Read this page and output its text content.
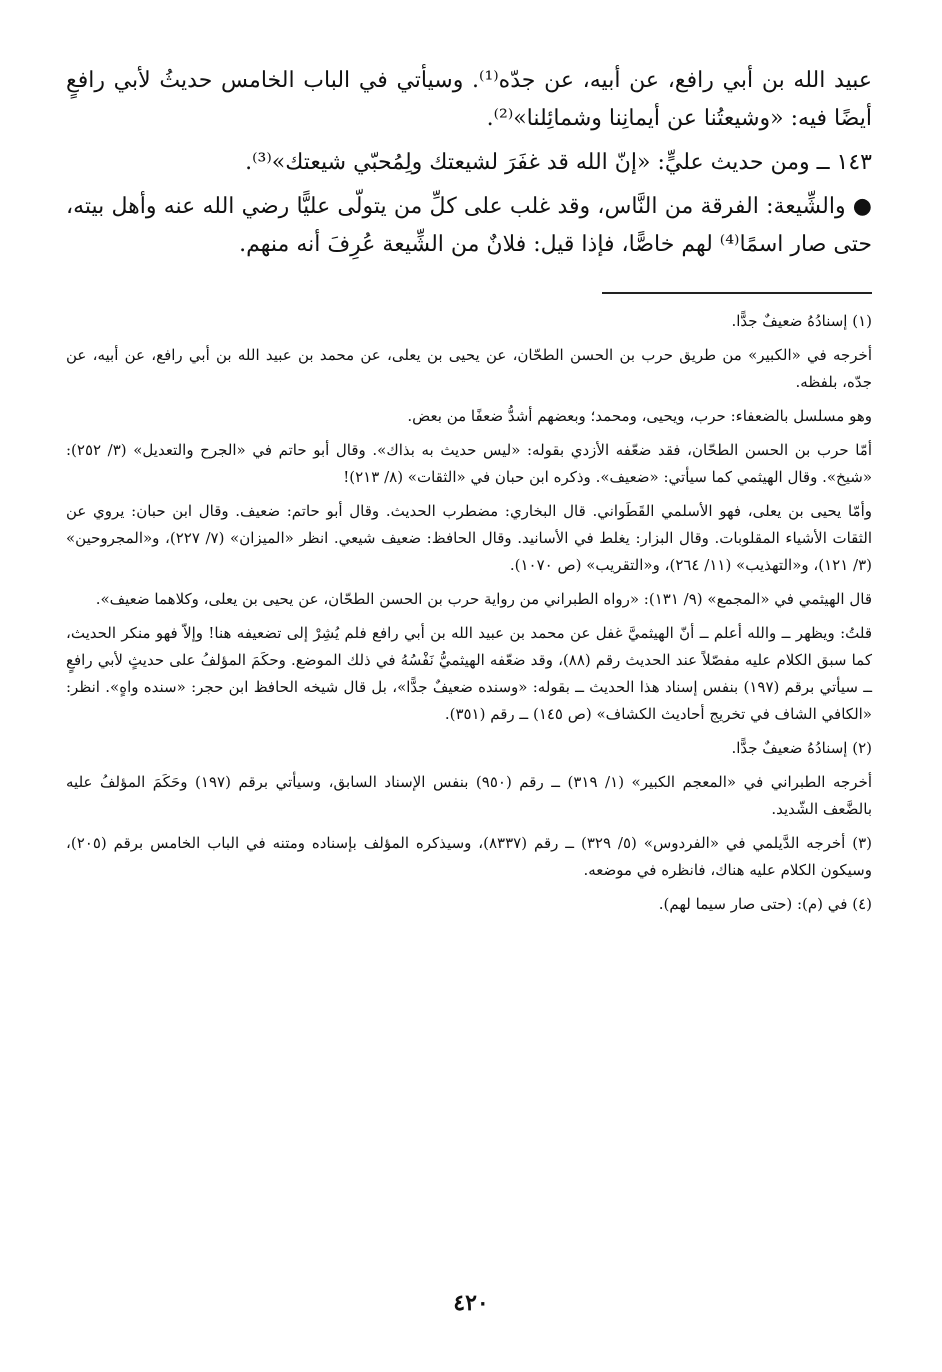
عبيد الله بن أبي رافع، عن أبيه، عن جدّه⁽¹⁾. وسيأتي في الباب الخامس حديثُ لأبي رافعٍ أيضًا فيه: «وشيعتُنا عن أيمانِنا وشمائِلنا»⁽²⁾.

١٤٣ ــ ومن حديث عليٍّ: «إنّ الله قد غفَرَ لشيعتك ولِمُحبّي شيعتك»⁽³⁾.

● والشِّيعة: الفرقة من النَّاس، وقد غلب على كلِّ من يتولّى عليًّا رضي الله عنه وأهل بيته، حتى صار اسمًا⁽⁴⁾ لهم خاصًّا، فإذا قيل: فلانٌ من الشِّيعة عُرِفَ أنه منهم.

(١) إسنادُهُ ضعيفٌ جدًّا.

أخرجه في «الكبير» من طريق حرب بن الحسن الطحّان، عن يحيى بن يعلى، عن محمد بن عبيد الله بن أبي رافع، عن أبيه، عن جدّه، بلفظه.

وهو مسلسل بالضعفاء: حرب، ويحيى، ومحمد؛ وبعضهم أشدُّ ضعفًا من بعض.

أمّا حرب بن الحسن الطحّان، فقد ضعّفه الأزدي بقوله: «ليس حديث به بذاك». وقال أبو حاتم في «الجرح والتعديل» (٣/ ٢٥٢): «شيخ». وقال الهيثمي كما سيأتي: «ضعيف». وذكره ابن حبان في «الثقات» (٨/ ٢١٣)!

وأمّا يحيى بن يعلى، فهو الأسلمي القَطَواني. قال البخاري: مضطرب الحديث. وقال أبو حاتم: ضعيف. وقال ابن حبان: يروي عن الثقات الأشياء المقلوبات. وقال البزار: يغلط في الأسانيد. وقال الحافظ: ضعيف شيعي. انظر «الميزان» (٧/ ٢٢٧)، و«المجروحين» (٣/ ١٢١)، و«التهذيب» (١١/ ٢٦٤)، و«التقريب» (ص ١٠٧٠).

قال الهيثمي في «المجمع» (٩/ ١٣١): «رواه الطبراني من رواية حرب بن الحسن الطحّان، عن يحيى بن يعلى، وكلاهما ضعيف».

قلتُ: ويظهر ــ والله أعلم ــ أنّ الهيثميَّ غفل عن محمد بن عبيد الله بن أبي رافع فلم يُشِرْ إلى تضعيفه هنا! وإلاّ فهو منكر الحديث، كما سبق الكلام عليه مفصّلاً عند الحديث رقم (٨٨)، وقد ضعّفه الهيثميُّ نَفْسُهُ في ذلك الموضع. وحكَمَ المؤلفُ على حديثٍ لأبي رافعٍ ــ سيأتي برقم (١٩٧) بنفس إسناد هذا الحديث ــ بقوله: «وسنده ضعيفٌ جدًّا»، بل قال شيخه الحافظ ابن حجر: «سنده واهٍ». انظر: «الكافي الشاف في تخريج أحاديث الكشاف» (ص ١٤٥) ــ رقم (٣٥١).

(٢) إسنادُهُ ضعيفٌ جدًّا.

أخرجه الطبراني في «المعجم الكبير» (١/ ٣١٩) ــ رقم (٩٥٠) بنفس الإسناد السابق، وسيأتي برقم (١٩٧) وحَكَمَ المؤلفُ عليه بالضَّعف الشّديد.

(٣) أخرجه الدَّيلمي في «الفردوس» (٥/ ٣٢٩) ــ رقم (٨٣٣٧)، وسيذكره المؤلف بإسناده ومتنه في الباب الخامس برقم (٢٠٥)، وسيكون الكلام عليه هناك، فانظره في موضعه.

(٤) في (م): (حتى صار سيما لهم).

٤٢٠
